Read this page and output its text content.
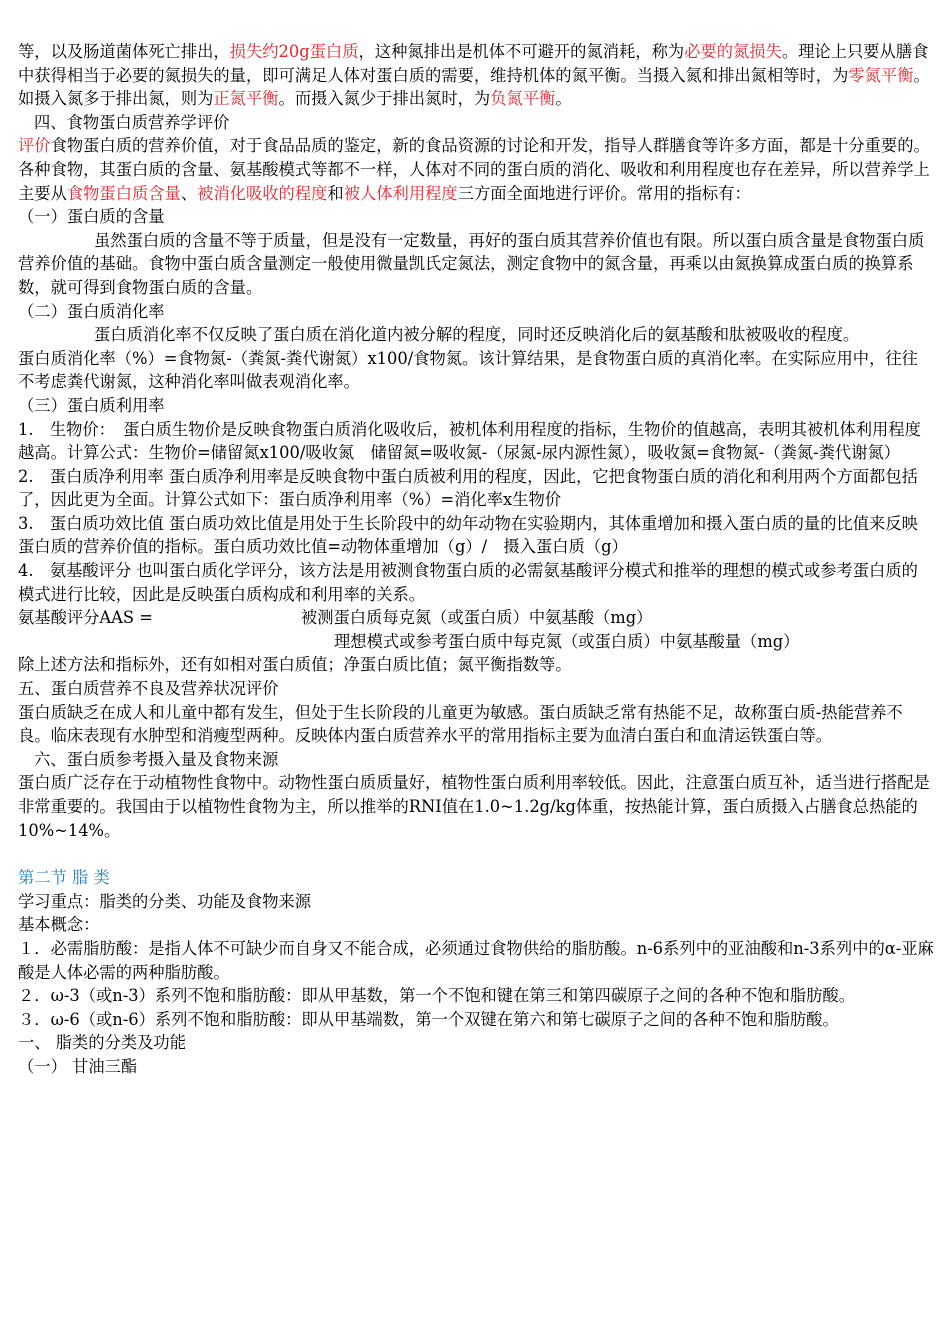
等，以及肠道菌体死亡排出，损失约20g蛋白质，这种氮排出是机体不可避开的氮消耗，称为必要的氮损失。理论上只要从膳食中获得相当于必要的氮损失的量，即可满足人体对蛋白质的需要，维持机体的氮平衡。当摄入氮和排出氮相等时，为零氮平衡。如摄入氮多于排出氮，则为正氮平衡。而摄入氮少于排出氮时，为负氮平衡。

四、食物蛋白质营养学评价

评价食物蛋白质的营养价值，对于食品品质的鉴定，新的食品资源的讨论和开发，指导人群膳食等许多方面，都是十分重要的。各种食物，其蛋白质的含量、氨基酸模式等都不一样，人体对不同的蛋白质的消化、吸收和利用程度也存在差异，所以营养学上主要从食物蛋白质含量、被消化吸收的程度和被人体利用程度三方面全面地进行评价。常用的指标有：

（一）蛋白质的含量

虽然蛋白质的含量不等于质量，但是没有一定数量，再好的蛋白质其营养价值也有限。所以蛋白质含量是食物蛋白质营养价值的基础。食物中蛋白质含量测定一般使用微量凯氏定氮法，测定食物中的氮含量，再乘以由氮换算成蛋白质的换算系数，就可得到食物蛋白质的含量。

（二）蛋白质消化率

蛋白质消化率不仅反映了蛋白质在消化道内被分解的程度，同时还反映消化后的氨基酸和肽被吸收的程度。

蛋白质消化率（%）=食物氮-（粪氮-粪代谢氮）x100/食物氮。该计算结果，是食物蛋白质的真消化率。在实际应用中，往往不考虑粪代谢氮，这种消化率叫做表观消化率。

（三）蛋白质利用率

1.　生物价：　蛋白质生物价是反映食物蛋白质消化吸收后，被机体利用程度的指标，生物价的值越高，表明其被机体利用程度越高。计算公式：生物价=储留氮x100/吸收氮　储留氮=吸收氮-（尿氮-尿内源性氮），吸收氮=食物氮-（粪氮-粪代谢氮）

2.　蛋白质净利用率 蛋白质净利用率是反映食物中蛋白质被利用的程度，因此，它把食物蛋白质的消化和利用两个方面都包括了，因此更为全面。计算公式如下：蛋白质净利用率（%）=消化率x生物价

3.　蛋白质功效比值 蛋白质功效比值是用处于生长阶段中的幼年动物在实验期内，其体重增加和摄入蛋白质的量的比值来反映蛋白质的营养价值的指标。蛋白质功效比值=动物体重增加（g）/　摄入蛋白质（g）

4.　氨基酸评分 也叫蛋白质化学评分，该方法是用被测食物蛋白质的必需氨基酸评分模式和推举的理想的模式或参考蛋白质的模式进行比较，因此是反映蛋白质构成和利用率的关系。

氨基酸评分AAS =	被测蛋白质每克氮（或蛋白质）中氨基酸（mg）
理想模式或参考蛋白质中每克氮（或蛋白质）中氨基酸量（mg）

除上述方法和指标外，还有如相对蛋白质值；净蛋白质比值；氮平衡指数等。

五、蛋白质营养不良及营养状况评价

蛋白质缺乏在成人和儿童中都有发生，但处于生长阶段的儿童更为敏感。蛋白质缺乏常有热能不足，故称蛋白质-热能营养不良。临床表现有水肿型和消瘦型两种。反映体内蛋白质营养水平的常用指标主要为血清白蛋白和血清运铁蛋白等。

六、蛋白质参考摄入量及食物来源

蛋白质广泛存在于动植物性食物中。动物性蛋白质质量好，植物性蛋白质利用率较低。因此，注意蛋白质互补，适当进行搭配是非常重要的。我国由于以植物性食物为主，所以推举的RNI值在1.0~1.2g/kg体重，按热能计算，蛋白质摄入占膳食总热能的10%~14%。

第二节 脂 类

学习重点：脂类的分类、功能及食物来源

基本概念：

１．必需脂肪酸：是指人体不可缺少而自身又不能合成，必须通过食物供给的脂肪酸。n-6系列中的亚油酸和n-3系列中的α-亚麻酸是人体必需的两种脂肪酸。

２．ω-3（或n-3）系列不饱和脂肪酸：即从甲基数，第一个不饱和键在第三和第四碳原子之间的各种不饱和脂肪酸。

３．ω-6（或n-6）系列不饱和脂肪酸：即从甲基端数，第一个双键在第六和第七碳原子之间的各种不饱和脂肪酸。

一、 脂类的分类及功能

（一） 甘油三酯
